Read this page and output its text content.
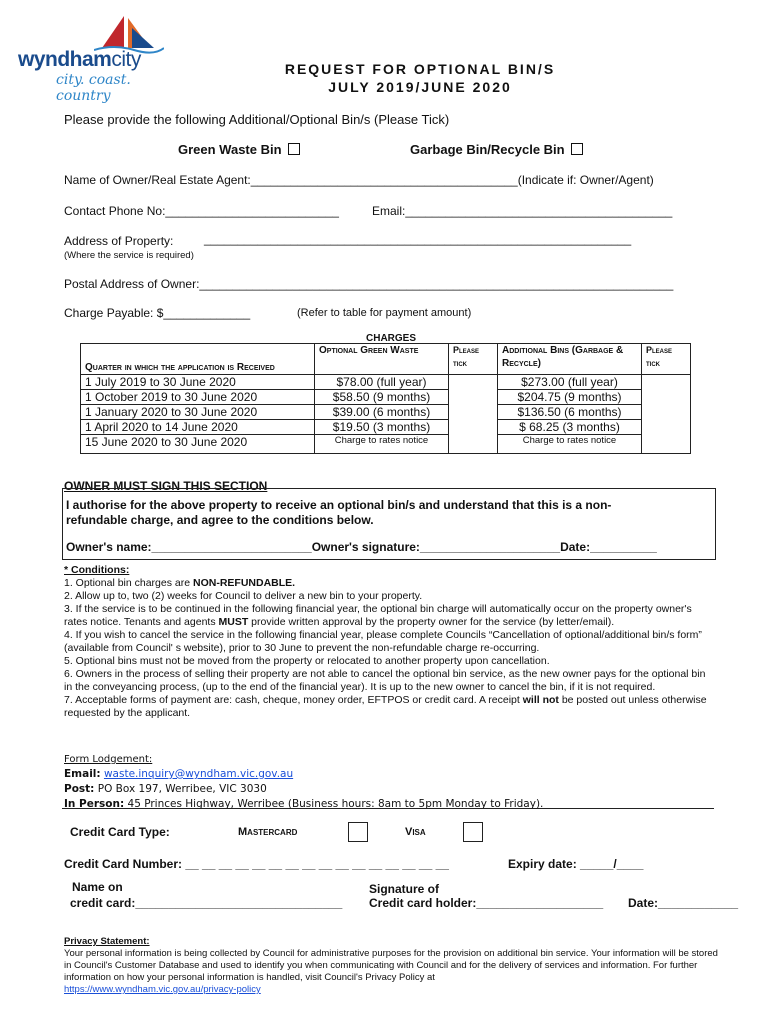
wyndhamcity
city. coast. country
REQUEST FOR OPTIONAL BIN/S
JULY 2019/JUNE 2020
Please provide the following Additional/Optional Bin/s (Please Tick)
Green Waste Bin	Garbage Bin/Recycle Bin
Name of Owner/Real Estate Agent:________________________________________(Indicate if: Owner/Agent)
Contact Phone No:__________________________	Email:________________________________________
Address of Property:	________________________________________________________________
(Where the service is required)
Postal Address of Owner:_______________________________________________________________________
Charge Payable: $_____________	(Refer to table for payment amount)
CHARGES
Quarter in which the application is Received	Optional Green Waste	Please tick	Additional Bins (Garbage & Recycle)	Please tick

1 July 2019 to 30 June 2020	$78.00 (full year)		$273.00 (full year)	
1 October 2019 to 30 June 2020	$58.50 (9 months)		$204.75 (9 months)	
1 January 2020 to 30 June 2020	$39.00 (6 months)		$136.50 (6 months)	
1 April 2020 to 14 June 2020	$19.50 (3 months)		$ 68.25 (3 months)	
15 June 2020 to 30 June 2020	Charge to rates notice		Charge to rates notice	
OWNER MUST SIGN THIS SECTION
I authorise for the above property to receive an optional bin/s and understand that this is a non-refundable charge, and agree to the conditions below.
Owner's name:________________________Owner's signature:_____________________Date:__________

* Conditions:

1. Optional bin charges are NON-REFUNDABLE.

2. Allow up to, two (2) weeks for Council to deliver a new bin to your property.

3. If the service is to be continued in the following financial year, the optional bin charge will automatically occur on the property owner's rates notice. Tenants and agents MUST provide written approval by the property owner for the service (by letter/email).

4. If you wish to cancel the service in the following financial year, please complete Councils “Cancellation of optional/additional bin/s form” (available from Council' s website), prior to 30 June to prevent the non-refundable charge re-occurring.

5. Optional bins must not be moved from the property or relocated to another property upon cancellation.

6. Owners in the process of selling their property are not able to cancel the optional bin service, as the new owner pays for the optional bin in the conveyancing process, (up to the end of the financial year). It is up to the new owner to cancel the bin, if it is not required.

7. Acceptable forms of payment are: cash, cheque, money order, EFTPOS or credit card. A receipt will not be posted out unless otherwise requested by the applicant.

Form Lodgement:
Email: waste.inquiry@wyndham.vic.gov.au
Post: PO Box 197, Werribee, VIC 3030
In Person: 45 Princes Highway, Werribee (Business hours: 8am to 5pm Monday to Friday).
Credit Card Type:	Mastercard	Visa
Credit Card Number: __ __ __ __ __ __ __ __ __ __ __ __ __ __ __ __	Expiry date: _____/____
Name on
credit card:_______________________________
Signature of
Credit card holder:___________________ Date:____________
Privacy Statement:
Your personal information is being collected by Council for administrative purposes for the provision on additional bin service. Your information will be stored in Council's Customer Database and used to identify you when communicating with Council and for the delivery of services and information. For further information on how your personal information is handled, visit Council's Privacy Policy at
https://www.wyndham.vic.gov.au/privacy-policy
